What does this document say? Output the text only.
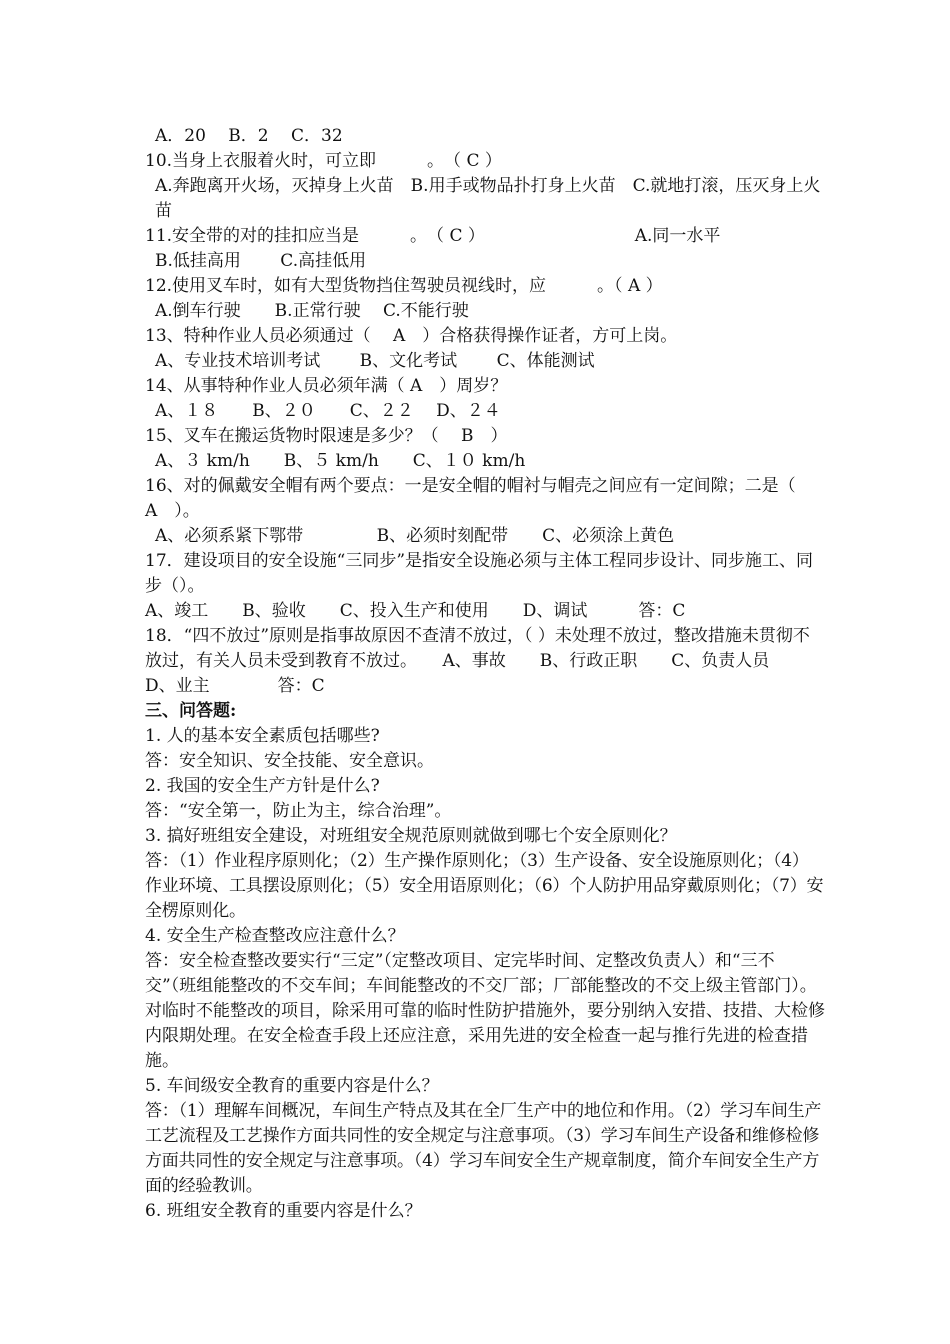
A．20　 B．2　 C．32

10.当身上衣服着火时，可立即　　　。　（ C ）

A.奔跑离开火场，灭掉身上火苗　B.用手或物品扑打身上火苗　C.就地打滚，压灭身上火苗

11.安全带的对的挂扣应当是　　　。　（ C ）　　　　　　　　　 A.同一水平

B.低挂高用　　 C.高挂低用

12.使用叉车时，如有大型货物挡住驾驶员视线时，应　　　。（ A ）

A.倒车行驶　　B.正常行驶　 C.不能行驶

13、特种作业人员必须通过（　 A　）合格获得操作证者，方可上岗。

A、专业技术培训考试　　 B、文化考试　　 C、体能测试

14、从事特种作业人员必须年满（ A　）周岁？

A、１８　　B、２０　　C、２２　 D、２４

15、叉车在搬运货物时限速是多少？（　 B　）

A、３ km/h　　B、５ km/h　　C、１０ km/h

16、对的佩戴安全帽有两个要点：一是安全帽的帽衬与帽壳之间应有一定间隙；二是（　 A　）。

A、必须系紧下鄂带　　　　 B、必须时刻配带　　C、必须涂上黄色

17．建设项目的安全设施“三同步”是指安全设施必须与主体工程同步设计、同步施工、同步（）。

A、竣工　　B、验收　　C、投入生产和使用　　D、调试　　　答：C

18．“四不放过”原则是指事故原因不查清不放过，（ ）未处理不放过，整改措施未贯彻不放过，有关人员未受到教育不放过。　　A、事故　　B、行政正职　　C、负责人员　　D、业主　　　　答：C

三、问答题:

1. 人的基本安全素质包括哪些?

答：安全知识、安全技能、安全意识。

2. 我国的安全生产方针是什么?

答：“安全第一，防止为主，综合治理”。

3. 搞好班组安全建设，对班组安全规范原则就做到哪七个安全原则化？

答：（1）作业程序原则化；（2）生产操作原则化；（3）生产设备、安全设施原则化；（4）作业环境、工具摆设原则化；（5）安全用语原则化；（6）个人防护用品穿戴原则化；（7）安全楞原则化。

4. 安全生产检查整改应注意什么？

答：安全检查整改要实行“三定”（定整改项目、定完毕时间、定整改负责人）和“三不交”（班组能整改的不交车间；车间能整改的不交厂部；厂部能整改的不交上级主管部门）。对临时不能整改的项目，除采用可靠的临时性防护措施外，要分别纳入安措、技措、大检修内限期处理。在安全检查手段上还应注意，采用先进的安全检查一起与推行先进的检查措施。

5. 车间级安全教育的重要内容是什么？

答：（1）理解车间概况，车间生产特点及其在全厂生产中的地位和作用。（2）学习车间生产工艺流程及工艺操作方面共同性的安全规定与注意事项。（3）学习车间生产设备和维修检修方面共同性的安全规定与注意事项。（4）学习车间安全生产规章制度，简介车间安全生产方面的经验教训。

6. 班组安全教育的重要内容是什么？
